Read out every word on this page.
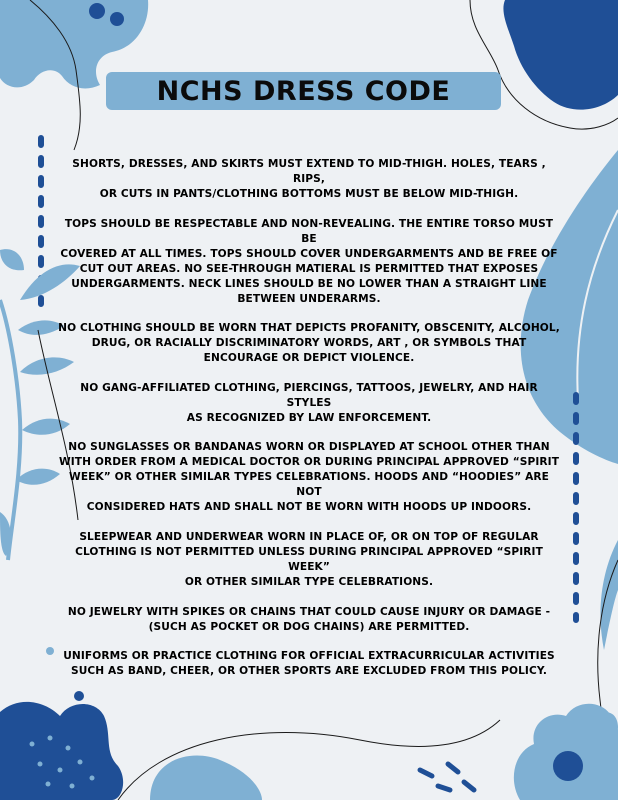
NCHS DRESS CODE

SHORTS, DRESSES, AND SKIRTS MUST EXTEND TO MID-THIGH. HOLES, TEARS , RIPS,
OR CUTS IN PANTS/CLOTHING BOTTOMS MUST BE BELOW MID-THIGH.

TOPS SHOULD BE RESPECTABLE AND NON-REVEALING. THE ENTIRE TORSO MUST BE
COVERED AT ALL TIMES. TOPS SHOULD COVER UNDERGARMENTS AND BE FREE OF
CUT OUT AREAS. NO SEE-THROUGH MATIERAL IS PERMITTED THAT EXPOSES
UNDERGARMENTS. NECK LINES SHOULD BE NO LOWER THAN A STRAIGHT LINE
BETWEEN UNDERARMS.

NO CLOTHING SHOULD BE WORN THAT DEPICTS PROFANITY, OBSCENITY, ALCOHOL,
DRUG, OR RACIALLY DISCRIMINATORY WORDS, ART , OR SYMBOLS THAT
ENCOURAGE OR DEPICT VIOLENCE.

NO GANG-AFFILIATED CLOTHING, PIERCINGS, TATTOOS, JEWELRY, AND HAIR STYLES
AS RECOGNIZED BY LAW ENFORCEMENT.

NO SUNGLASSES OR BANDANAS WORN OR DISPLAYED AT SCHOOL OTHER THAN
WITH ORDER FROM A MEDICAL DOCTOR OR DURING PRINCIPAL APPROVED “SPIRIT
WEEK” OR OTHER SIMILAR TYPES CELEBRATIONS. HOODS AND “HOODIES” ARE NOT
CONSIDERED HATS AND SHALL NOT BE WORN WITH HOODS UP INDOORS.

SLEEPWEAR AND UNDERWEAR WORN IN PLACE OF, OR ON TOP OF REGULAR
CLOTHING IS NOT PERMITTED UNLESS DURING PRINCIPAL APPROVED “SPIRIT WEEK”
OR OTHER SIMILAR TYPE CELEBRATIONS.

NO JEWELRY WITH SPIKES OR CHAINS THAT COULD CAUSE INJURY OR DAMAGE -
(SUCH AS POCKET OR DOG CHAINS) ARE PERMITTED.

UNIFORMS OR PRACTICE CLOTHING FOR OFFICIAL EXTRACURRICULAR ACTIVITIES
SUCH AS BAND, CHEER, OR OTHER SPORTS ARE EXCLUDED FROM THIS POLICY.
